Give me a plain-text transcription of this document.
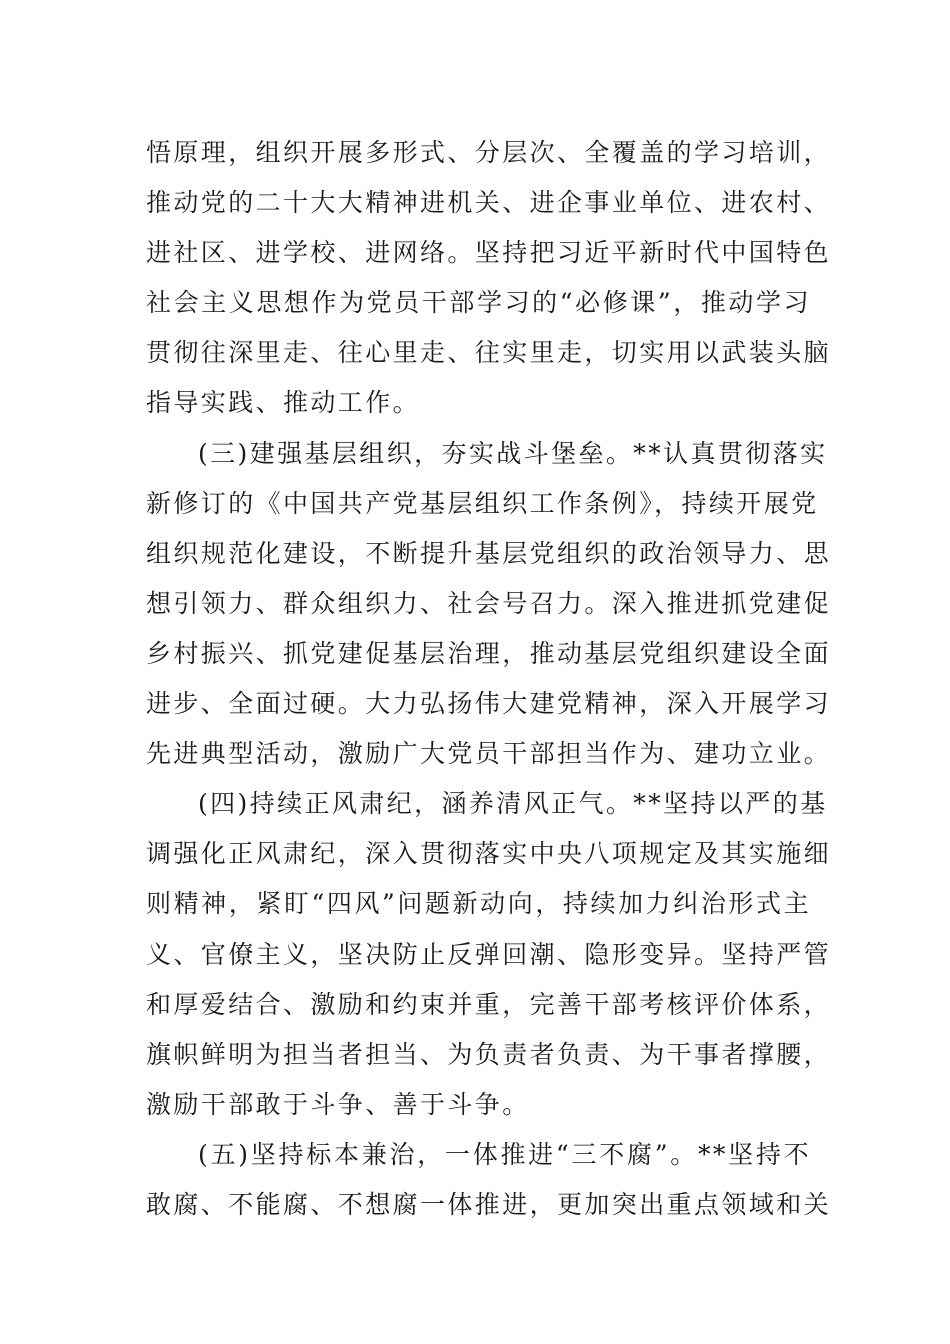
悟原理，组织开展多形式、分层次、全覆盖的学习培训，
推动党的二十大大精神进机关、进企事业单位、进农村、
进社区、进学校、进网络。坚持把习近平新时代中国特色
社会主义思想作为党员干部学习的“必修课”，推动学习
贯彻往深里走、往心里走、往实里走，切实用以武装头脑
指导实践、推动工作。
(三)建强基层组织，夯实战斗堡垒。**认真贯彻落实
新修订的《中国共产党基层组织工作条例》，持续开展党
组织规范化建设，不断提升基层党组织的政治领导力、思
想引领力、群众组织力、社会号召力。深入推进抓党建促
乡村振兴、抓党建促基层治理，推动基层党组织建设全面
进步、全面过硬。大力弘扬伟大建党精神，深入开展学习
先进典型活动，激励广大党员干部担当作为、建功立业。
(四)持续正风肃纪，涵养清风正气。**坚持以严的基
调强化正风肃纪，深入贯彻落实中央八项规定及其实施细
则精神，紧盯“四风”问题新动向，持续加力纠治形式主
义、官僚主义，坚决防止反弹回潮、隐形变异。坚持严管
和厚爱结合、激励和约束并重，完善干部考核评价体系，
旗帜鲜明为担当者担当、为负责者负责、为干事者撑腰，
激励干部敢于斗争、善于斗争。
(五)坚持标本兼治，一体推进“三不腐”。**坚持不
敢腐、不能腐、不想腐一体推进，更加突出重点领域和关
